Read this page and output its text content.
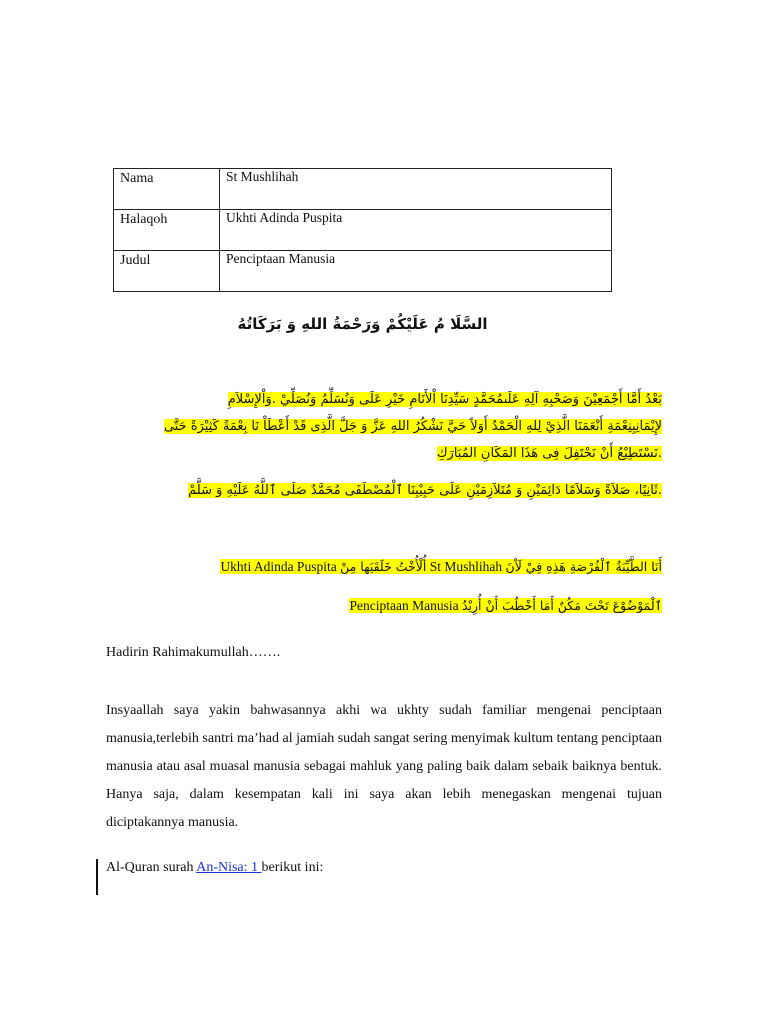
Nama	St Mushlihah
Halaqoh	Ukhti Adinda Puspita
Judul	Penciptaan Manusia
السَّلَا مُ عَلَيْكُمْ وَرَحْمَةُ اللهِ وَ بَرَكَاتُهُ
بَعْدُ أَمَّا أَجْمَعِيْنَ وَصَحْبِهِ آلِهِ عَلَىمُحَمَّدٍ سَيِّدِنَا اْلأَنَامِ خَيْرِ عَلَى وَنُسَلِّمُ وَنُصَلِّيْ .وَاْلإِسْلاَمِ
لإِيْمَانِبِنِعْمَةِ أَنْعَمَنَا الَّذِيْ لِلهِ الْحَمْدُ أَوَلاً حَيَّ نَشْكُرُ اللهِ عَزَّ وَ جَلَّ الَّذِى قَدْ أَعْطَاْ نَا بِعْمَةً كَثِيْرَةً حَتَّى
.نَسْتَطِيْعُ أَنْ نَحْتَفِلَ فِى هَذَا المَكَانِ المُبَارَكِ
.ثَانِيًا، صَلاَةً وَسَلاَمًا دَائِمَيْنِ وَ مُتَلاَزِمَيْنِ عَلَى حَبِيْبِنَا ٱلْمُصْطَفَى مُحَمَّدٌ صَلَى ٱللَّهُ عَلَيْهِ وَ سَلَّمْ
Ukhti Adinda Puspita أُلْأُخْتُ خَلَقَيَها مِنْ St Mushlihah أَنَا الطَّيِّبَةُ ٱلْفُرْصَةِ هَذِهِ فِيْ لَاْنَ
Penciptaan Manusia ٱلْمَوْضُوْعَ تَحْتَ مَكُنٌ أَمَا أَخْطُبَ أَنْ أُرِيْدُ
Hadirin Rahimakumullah…….
Insyaallah saya yakin bahwasannya akhi wa ukhty sudah familiar mengenai penciptaan manusia,terlebih santri ma’had al jamiah sudah sangat sering menyimak kultum tentang penciptaan manusia atau asal muasal manusia sebagai mahluk yang paling baik dalam sebaik baiknya bentuk. Hanya saja, dalam kesempatan kali ini saya akan lebih menegaskan mengenai tujuan diciptakannya manusia.
Al-Quran surah An-Nisa: 1 berikut ini:
